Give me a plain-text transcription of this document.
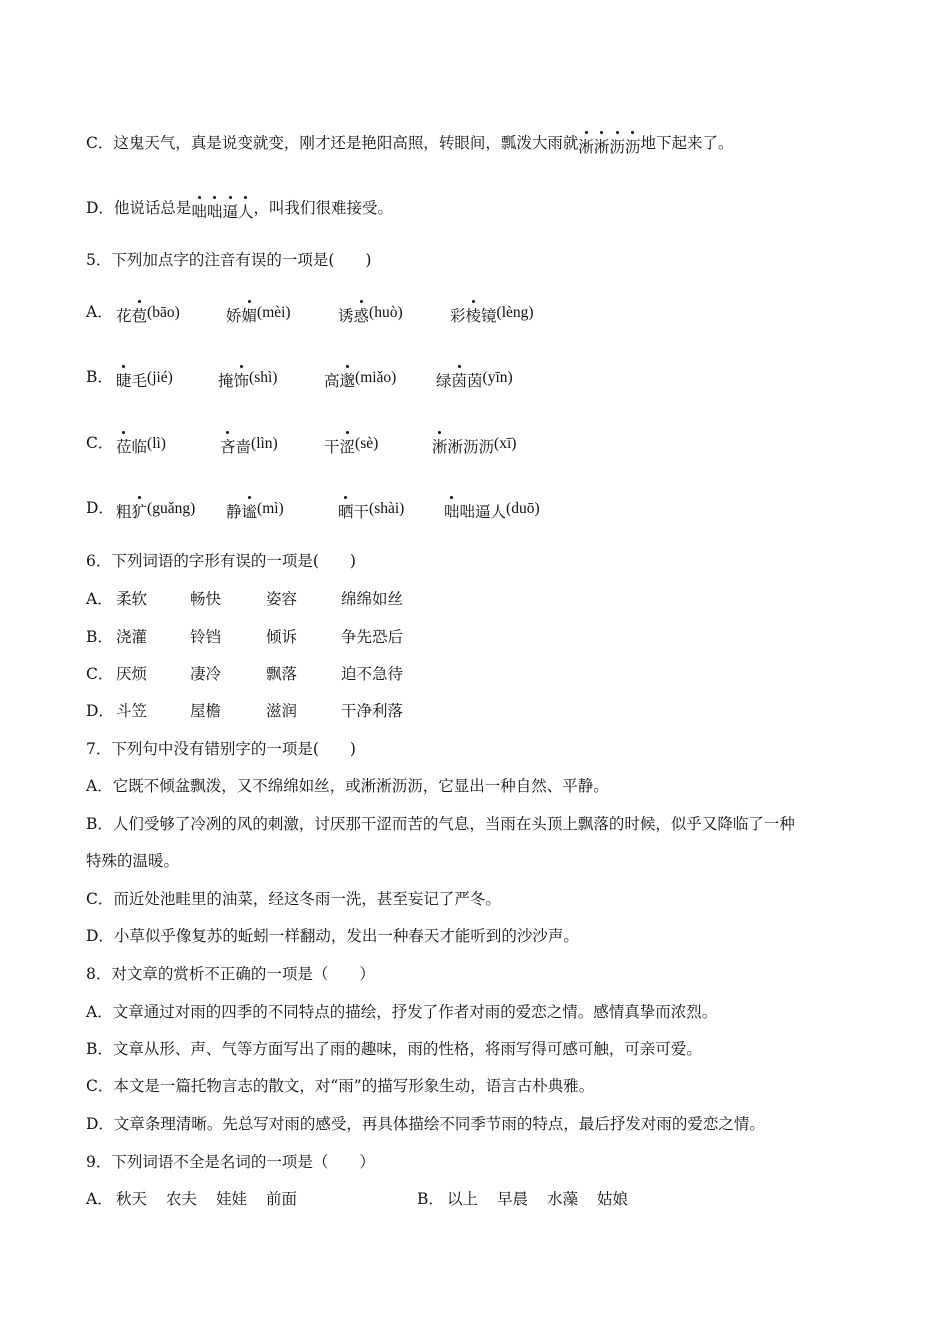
C．这鬼天气，真是说变就变，刚才还是艳阳高照，转眼间，瓢泼大雨就淅淅沥沥地下起来了。
D．他说话总是咄咄逼人，叫我们很难接受。
5．下列加点字的注音有误的一项是(　　)
A． 花苞(bāo)	娇媚(mèi)	诱惑(huò)	彩棱镜(lèng)
B． 睫毛(jié)	掩饰(shì)	高邈(miǎo)	绿茵茵(yīn)
C． 莅临(lì)	吝啬(lìn)	干涩(sè)	淅淅沥沥(xī)
D． 粗犷(guǎng) 静谧(mì)	晒干(shài)	咄咄逼人(duō)
6．下列词语的字形有误的一项是(　　)
A． 柔软	畅快	姿容	绵绵如丝
B． 浇灌	铃铛	倾诉	争先恐后
C． 厌烦	凄冷	飘落	迫不急待
D． 斗笠	屋檐	滋润	干净利落
7．下列句中没有错别字的一项是(　　)
A．它既不倾盆飘泼，又不绵绵如丝，或淅淅沥沥，它显出一种自然、平静。
B．人们受够了冷冽的风的刺激，讨厌那干涩而苦的气息，当雨在头顶上飘落的时候，似乎又降临了一种
特殊的温暖。
C．而近处池畦里的油菜，经这冬雨一洗，甚至妄记了严冬。
D．小草似乎像复苏的蚯蚓一样翻动，发出一种春天才能听到的沙沙声。
8．对文章的赏析不正确的一项是（　　）
A．文章通过对雨的四季的不同特点的描绘，抒发了作者对雨的爱恋之情。感情真挚而浓烈。
B．文章从形、声、气等方面写出了雨的趣味，雨的性格，将雨写得可感可触，可亲可爱。
C．本文是一篇托物言志的散文，对“雨”的描写形象生动，语言古朴典雅。
D．文章条理清晰。先总写对雨的感受，再具体描绘不同季节雨的特点，最后抒发对雨的爱恋之情。
9．下列词语不全是名词的一项是（　　）
A． 秋天 农夫 娃娃 前面	B． 以上 早晨 水藻 姑娘
